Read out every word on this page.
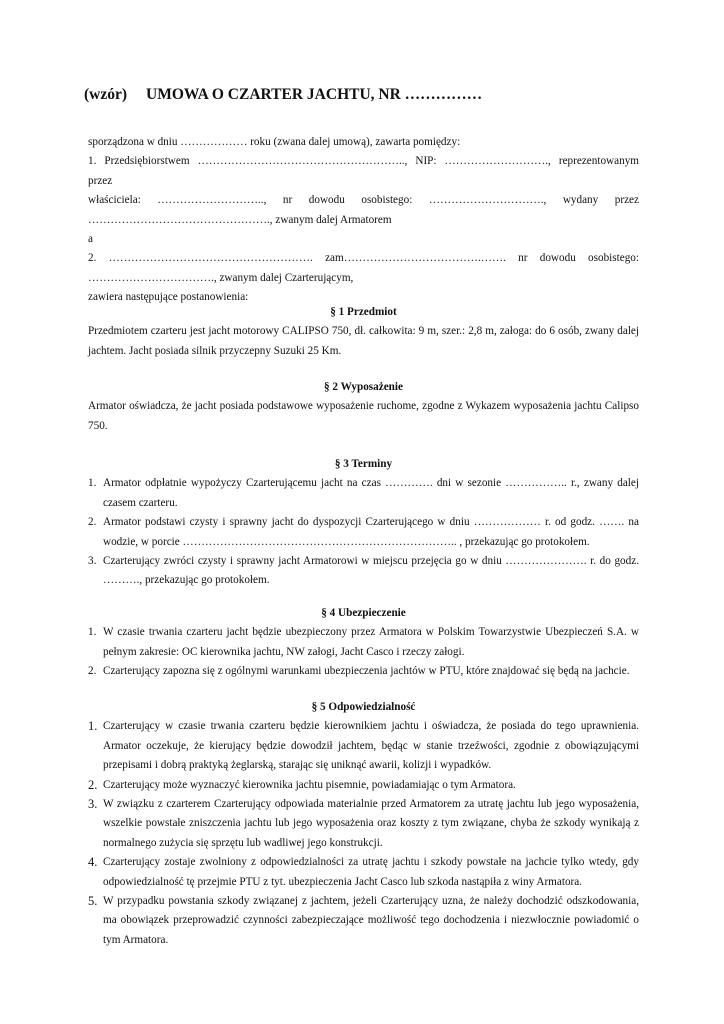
(wzór) UMOWA O CZARTER JACHTU, NR ……………

sporządzona w dniu ……………… roku (zwana dalej umową), zawarta pomiędzy:

1. Przedsiębiorstwem ……………………………………………….., NIP: ………………………., reprezentowanym przez

właściciela: ……………………….., nr dowodu osobistego: …………………………., wydany przez

…………………………………………., zwanym dalej Armatorem

a

2. ………………………………………………. zam……………………………….……. nr dowodu osobistego:

……………………………., zwanym dalej Czarterującym,

zawiera następujące postanowienia:

§ 1 Przedmiot

Przedmiotem czarteru jest jacht motorowy CALIPSO 750, dł. całkowita: 9 m, szer.: 2,8 m, załoga: do 6 osób, zwany dalej jachtem. Jacht posiada silnik przyczepny Suzuki 25 Km.

§ 2 Wyposażenie

Armator oświadcza, że jacht posiada podstawowe wyposażenie ruchome, zgodne z Wykazem wyposażenia jachtu Calipso 750.

§ 3 Terminy
1. Armator odpłatnie wypożyczy Czarterującemu jacht na czas …………. dni w sezonie …………….. r., zwany dalej czasem czarteru.
2. Armator podstawi czysty i sprawny jacht do dyspozycji Czarterującego w dniu ……………… r. od godz. ……. na wodzie, w porcie ……………………………………………………………….. , przekazując go protokołem.
3. Czarterujący zwróci czysty i sprawny jacht Armatorowi w miejscu przejęcia go w dniu …………………. r. do godz. ………., przekazując go protokołem.
§ 4 Ubezpieczenie
1. W czasie trwania czarteru jacht będzie ubezpieczony przez Armatora w Polskim Towarzystwie Ubezpieczeń S.A. w pełnym zakresie: OC kierownika jachtu, NW załogi, Jacht Casco i rzeczy załogi.
2. Czarterujący zapozna się z ogólnymi warunkami ubezpieczenia jachtów w PTU, które znajdować się będą na jachcie.
§ 5 Odpowiedzialność
1. Czarterujący w czasie trwania czarteru będzie kierownikiem jachtu i oświadcza, że posiada do tego uprawnienia. Armator oczekuje, że kierujący będzie dowodził jachtem, będąc w stanie trzeźwości, zgodnie z obowiązującymi przepisami i dobrą praktyką żeglarską, starając się uniknąć awarii, kolizji i wypadków.
2. Czarterujący może wyznaczyć kierownika jachtu pisemnie, powiadamiając o tym Armatora.
3. W związku z czarterem Czarterujący odpowiada materialnie przed Armatorem za utratę jachtu lub jego wyposażenia, wszelkie powstałe zniszczenia jachtu lub jego wyposażenia oraz koszty z tym związane, chyba że szkody wynikają z normalnego zużycia się sprzętu lub wadliwej jego konstrukcji.
4. Czarterujący zostaje zwolniony z odpowiedzialności za utratę jachtu i szkody powstałe na jachcie tylko wtedy, gdy odpowiedzialność tę przejmie PTU z tyt. ubezpieczenia Jacht Casco lub szkoda nastąpiła z winy Armatora.
5. W przypadku powstania szkody związanej z jachtem, jeżeli Czarterujący uzna, że należy dochodzić odszkodowania, ma obowiązek przeprowadzić czynności zabezpieczające możliwość tego dochodzenia i niezwłocznie powiadomić o tym Armatora.
